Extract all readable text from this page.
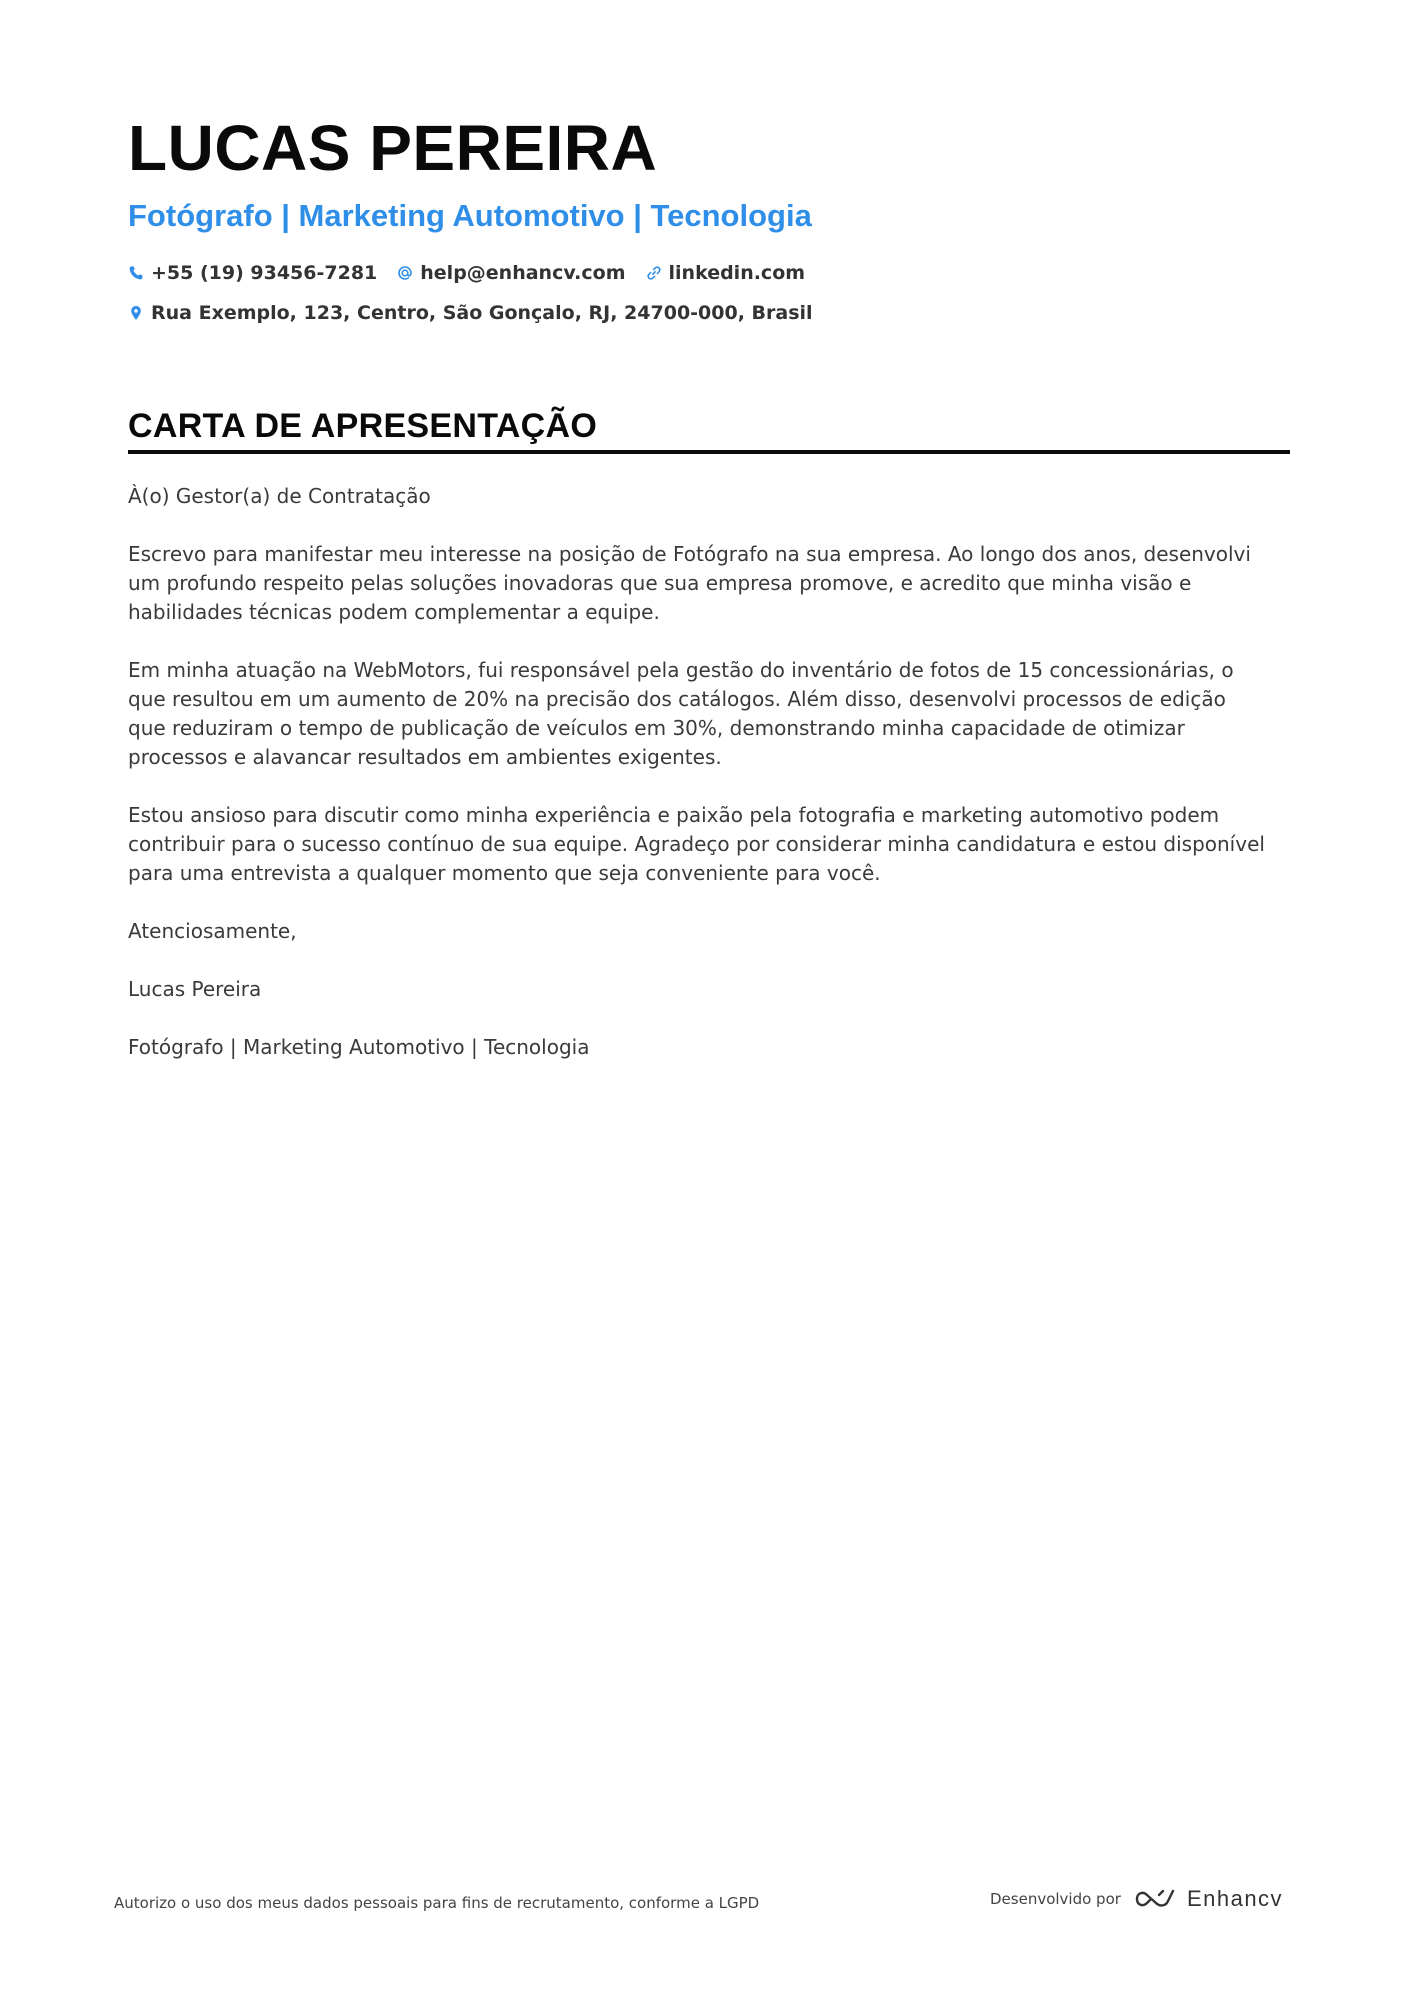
LUCAS PEREIRA
Fotógrafo | Marketing Automotivo | Tecnologia
+55 (19) 93456-7281 help@enhancv.com linkedin.com
Rua Exemplo, 123, Centro, São Gonçalo, RJ, 24700-000, Brasil
CARTA DE APRESENTAÇÃO

À(o) Gestor(a) de Contratação

Escrevo para manifestar meu interesse na posição de Fotógrafo na sua empresa. Ao longo dos anos, desenvolvi um profundo respeito pelas soluções inovadoras que sua empresa promove, e acredito que minha visão e habilidades técnicas podem complementar a equipe.

Em minha atuação na WebMotors, fui responsável pela gestão do inventário de fotos de 15 concessionárias, o que resultou em um aumento de 20% na precisão dos catálogos. Além disso, desenvolvi processos de edição que reduziram o tempo de publicação de veículos em 30%, demonstrando minha capacidade de otimizar processos e alavancar resultados em ambientes exigentes.

Estou ansioso para discutir como minha experiência e paixão pela fotografia e marketing automotivo podem contribuir para o sucesso contínuo de sua equipe. Agradeço por considerar minha candidatura e estou disponível para uma entrevista a qualquer momento que seja conveniente para você.

Atenciosamente,

Lucas Pereira

Fotógrafo | Marketing Automotivo | Tecnologia

Autorizo o uso dos meus dados pessoais para fins de recrutamento, conforme a LGPD	Desenvolvido por	Enhancv
